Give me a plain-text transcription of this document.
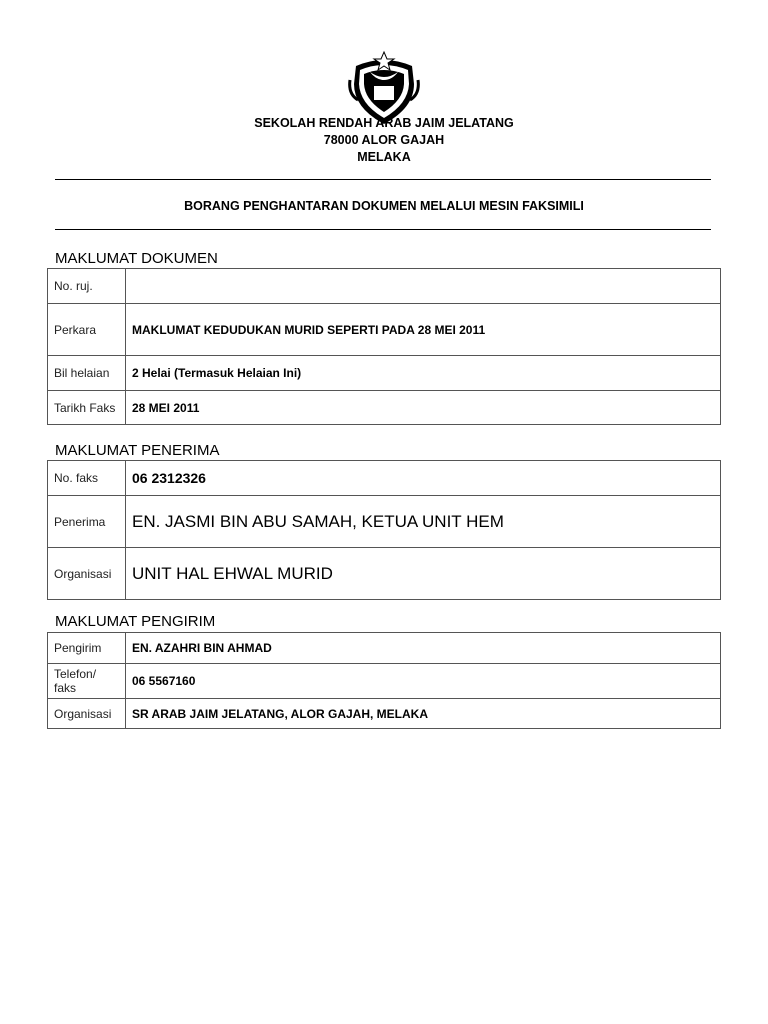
SEKOLAH RENDAH ARAB JAIM JELATANG
78000 ALOR GAJAH
MELAKA
BORANG PENGHANTARAN DOKUMEN MELALUI MESIN FAKSIMILI
MAKLUMAT DOKUMEN
No. ruj.	
Perkara	MAKLUMAT KEDUDUKAN MURID SEPERTI PADA 28 MEI 2011
Bil helaian	2 Helai (Termasuk Helaian Ini)
Tarikh Faks	28 MEI 2011
MAKLUMAT PENERIMA
No. faks	06 2312326
Penerima	EN. JASMI BIN ABU SAMAH, KETUA UNIT HEM
Organisasi	UNIT HAL EHWAL MURID
MAKLUMAT PENGIRIM
Pengirim	EN. AZAHRI BIN AHMAD
Telefon/ faks	06 5567160
Organisasi	SR ARAB JAIM JELATANG, ALOR GAJAH, MELAKA
